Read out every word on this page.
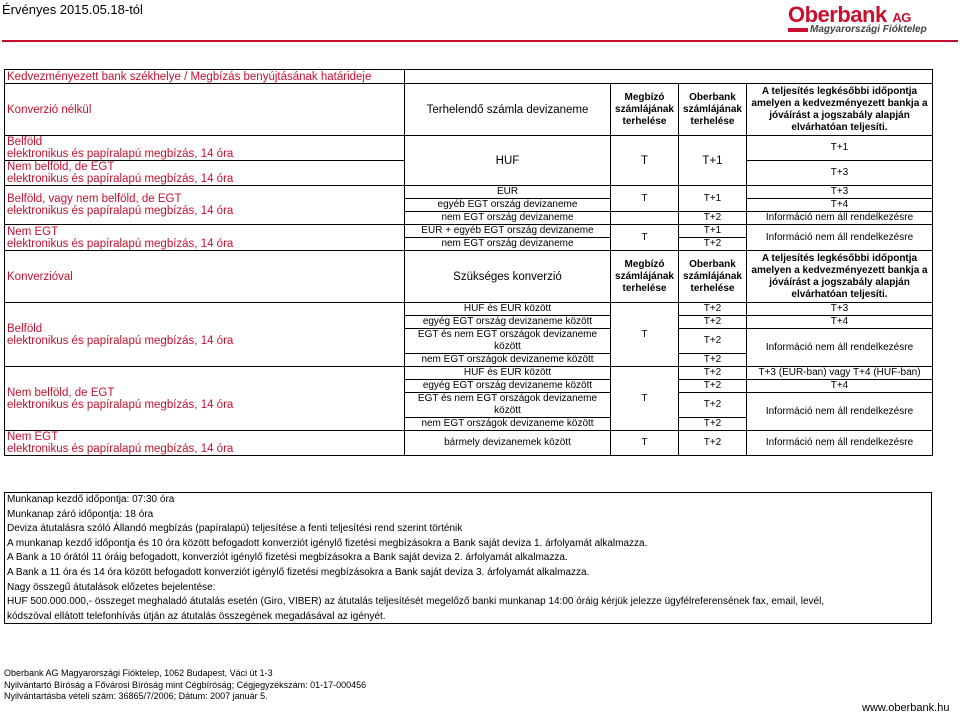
Érvényes 2015.05.18-tól	Oberbank AG
Magyarországi Fióktelep
Kedvezményezett bank székhelye / Megbízás benyújtásának határideje				
Konverzió nélkül	Terhelendő számla devizaneme	Megbízó számlájának terhelése	Oberbank számlájának terhelése	A teljesítés legkésőbbi időpontja amelyen a kedvezményezett bankja a jóváírást a jogszabály alapján elvárhatóan teljesíti.
Belföld
elektronikus és papíralapú megbízás, 14 óra	HUF	T	T+1	T+1
Nem belföld, de EGT
elektronikus és papíralapú megbízás, 14 óra				T+3
Belföld, vagy nem belföld, de EGT
elektronikus és papíralapú megbízás, 14 óra	EUR	T	T+1	T+3
	egyéb EGT ország devizaneme			T+4
	nem EGT ország devizaneme		T+2	Információ nem áll rendelkezésre
Nem EGT
elektronikus és papíralapú megbízás, 14 óra	EUR + egyéb EGT ország devizaneme	T	T+1	Információ nem áll rendelkezésre
	nem EGT ország devizaneme		T+2	
Konverzióval	Szükséges konverzió	Megbízó számlájának terhelése	Oberbank számlájának terhelése	A teljesítés legkésőbbi időpontja amelyen a kedvezményezett bankja a jóváírást a jogszabály alapján elvárhatóan teljesíti.
Belföld
elektronikus és papíralapú megbízás, 14 óra	HUF és EUR között	T	T+2	T+3
	egyég EGT ország devizaneme között		T+2	T+4
	EGT és nem EGT országok devizaneme között		T+2	Információ nem áll rendelkezésre
	nem EGT országok devizaneme között		T+2	
Nem belföld, de EGT
elektronikus és papíralapú megbízás, 14 óra	HUF és EUR között	T	T+2	T+3 (EUR-ban) vagy T+4 (HUF-ban)
	egyég EGT ország devizaneme között		T+2	T+4
	EGT és nem EGT országok devizaneme között		T+2	Információ nem áll rendelkezésre
	nem EGT országok devizaneme között		T+2	
Nem EGT
elektronikus és papíralapú megbízás, 14 óra	bármely devizanemek között	T	T+2	Információ nem áll rendelkezésre
Munkanap kezdő időpontja: 07:30 óra
Munkanap záró időpontja: 18 óra
Deviza átutalásra szóló Állandó megbízás (papíralapú) teljesítése a fenti teljesítési rend szerint történik
A munkanap kezdő időpontja és 10 óra között befogadott konverziót igénylő fizetési megbízásokra a Bank saját deviza 1. árfolyamát alkalmazza.
A Bank a 10 órától 11 óráig befogadott, konverziót igénylő fizetési megbízásokra a Bank saját deviza 2. árfolyamát alkalmazza.
A Bank a 11 óra és 14 óra között befogadott konverziót igénylő fizetési megbízásokra a Bank saját deviza 3. árfolyamát alkalmazza.
Nagy összegű átutalások előzetes bejelentése:
HUF 500.000.000,- összeget meghaladó átutalás esetén (Giro, VIBER) az átutalás teljesítését megelőző banki munkanap 14:00 óráig kérjük jelezze ügyfélreferensének fax, email, levél,
kódszóval ellátott telefonhívás útján az átutalás összegének megadásával az igényét.
Oberbank AG Magyarországi Fióktelep, 1062 Budapest, Váci út 1-3
Nyilvántartó Bíróság a Fővárosi Bíróság mint Cégbíróság; Cégjegyzékszám: 01-17-000456
Nyilvántartásba vételi szám: 36865/7/2006; Dátum: 2007 január 5.
www.oberbank.hu
